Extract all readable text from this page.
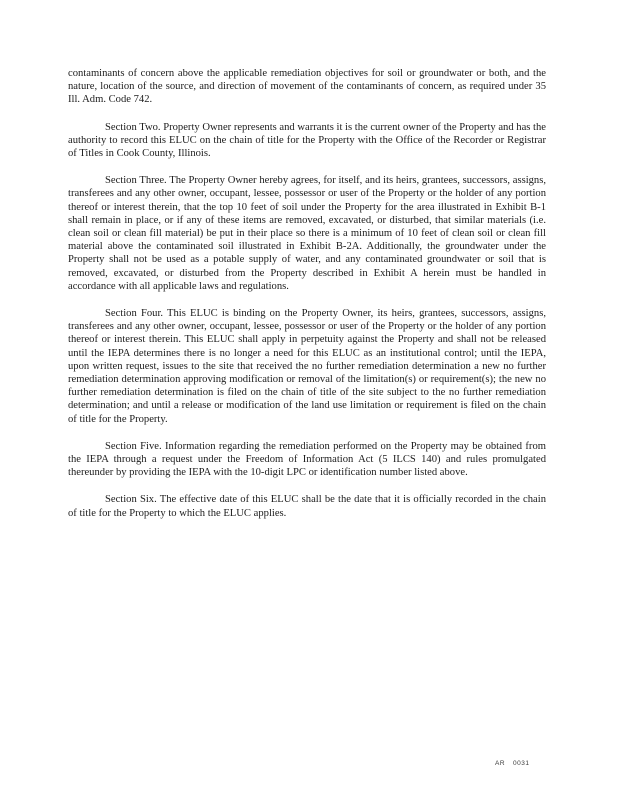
contaminants of concern above the applicable remediation objectives for soil or groundwater or both, and the nature, location of the source, and direction of movement of the contaminants of concern, as required under 35 Ill. Adm. Code 742.

Section Two. Property Owner represents and warrants it is the current owner of the Property and has the authority to record this ELUC on the chain of title for the Property with the Office of the Recorder or Registrar of Titles in Cook County, Illinois.

Section Three. The Property Owner hereby agrees, for itself, and its heirs, grantees, successors, assigns, transferees and any other owner, occupant, lessee, possessor or user of the Property or the holder of any portion thereof or interest therein, that the top 10 feet of soil under the Property for the area illustrated in Exhibit B-1 shall remain in place, or if any of these items are removed, excavated, or disturbed, that similar materials (i.e. clean soil or clean fill material) be put in their place so there is a minimum of 10 feet of clean soil or clean fill material above the contaminated soil illustrated in Exhibit B-2A. Additionally, the groundwater under the Property shall not be used as a potable supply of water, and any contaminated groundwater or soil that is removed, excavated, or disturbed from the Property described in Exhibit A herein must be handled in accordance with all applicable laws and regulations.

Section Four. This ELUC is binding on the Property Owner, its heirs, grantees, successors, assigns, transferees and any other owner, occupant, lessee, possessor or user of the Property or the holder of any portion thereof or interest therein. This ELUC shall apply in perpetuity against the Property and shall not be released until the IEPA determines there is no longer a need for this ELUC as an institutional control; until the IEPA, upon written request, issues to the site that received the no further remediation determination a new no further remediation determination approving modification or removal of the limitation(s) or requirement(s); the new no further remediation determination is filed on the chain of title of the site subject to the no further remediation determination; and until a release or modification of the land use limitation or requirement is filed on the chain of title for the Property.

Section Five. Information regarding the remediation performed on the Property may be obtained from the IEPA through a request under the Freedom of Information Act (5 ILCS 140) and rules promulgated thereunder by providing the IEPA with the 10-digit LPC or identification number listed above.

Section Six. The effective date of this ELUC shall be the date that it is officially recorded in the chain of title for the Property to which the ELUC applies.

AR 0031
